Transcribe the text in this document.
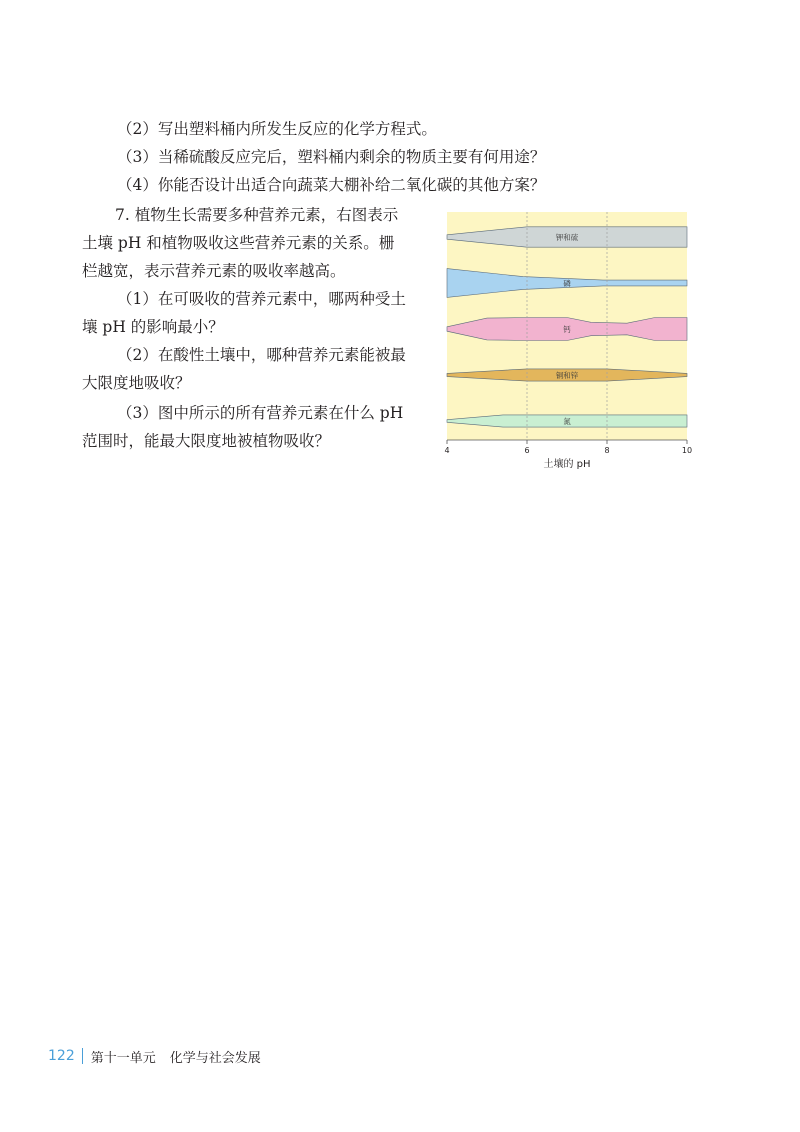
（2）写出塑料桶内所发生反应的化学方程式。
（3）当稀硫酸反应完后，塑料桶内剩余的物质主要有何用途？
（4）你能否设计出适合向蔬菜大棚补给二氧化碳的其他方案？
7. 植物生长需要多种营养元素，右图表示
土壤 pH 和植物吸收这些营养元素的关系。栅
栏越宽，表示营养元素的吸收率越高。
（1）在可吸收的营养元素中，哪两种受土
壤 pH 的影响最小？
（2）在酸性土壤中，哪种营养元素能被最
大限度地吸收？
（3）图中所示的所有营养元素在什么 pH
范围时，能最大限度地被植物吸收？
钾和硫
磷
钙
铜和锌
氮
4	6	8	10
土壤的 pH
122 第十一单元 化学与社会发展
